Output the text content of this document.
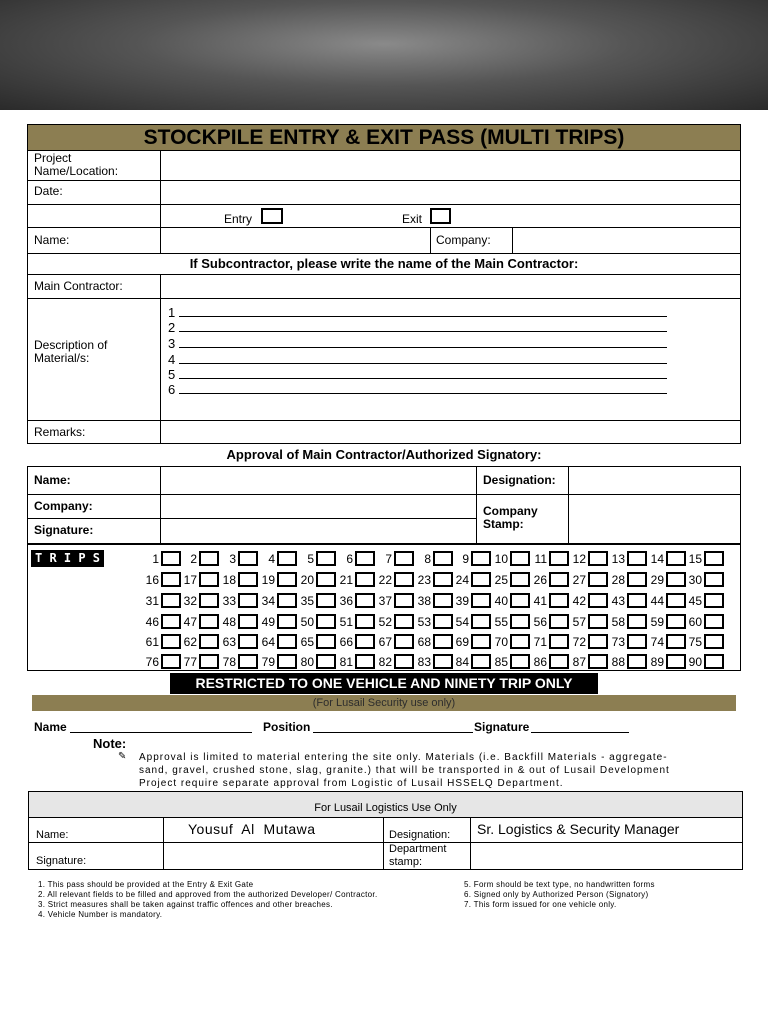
STOCKPILE ENTRY & EXIT PASS (MULTI TRIPS)
Project Name/Location:
Date:
Entry	Exit
Name:	Company:
If Subcontractor, please write the name of the Main Contractor:
Main Contractor:
Description of Material/s:
1
2
3
4
5
6
Remarks:
Approval of Main Contractor/Authorized Signatory:
Name:	Designation:
Company:	Company Stamp:
Signature:
T R I P S	1	2	3	4	5	6	7	8	9	10	11	12	13	14	15
16	17	18	19	20	21	22	23	24	25	26	27	28	29	30
31	32	33	34	35	36	37	38	39	40	41	42	43	44	45
46	47	48	49	50	51	52	53	54	55	56	57	58	59	60
61	62	63	64	65	66	67	68	69	70	71	72	73	74	75
76	77	78	79	80	81	82	83	84	85	86	87	88	89	90
RESTRICTED TO ONE VEHICLE AND NINETY TRIP ONLY
(For Lusail Security use only)
Name	Position	Signature
Note:
✎ Approval is limited to material entering the site only. Materials (i.e. Backfill Materials - aggregate-
sand, gravel, crushed stone, slag, granite.) that will be transported in & out of Lusail Development
Project require separate approval from Logistic of Lusail HSSELQ Department.
For Lusail Logistics Use Only
Name:	Yousuf  Al  Mutawa	Designation: Sr. Logistics & Security Manager
Signature:
Department stamp:
1. This pass should be provided at the Entry & Exit Gate
2. All relevant fields to be filled and approved from the authorized Developer/ Contractor.
3. Strict measures shall be taken against traffic offences and other breaches.
4. Vehicle Number is mandatory.
5. Form should be text type, no handwritten forms
6. Signed only by Authorized Person (Signatory)
7. This form issued for one vehicle only.
